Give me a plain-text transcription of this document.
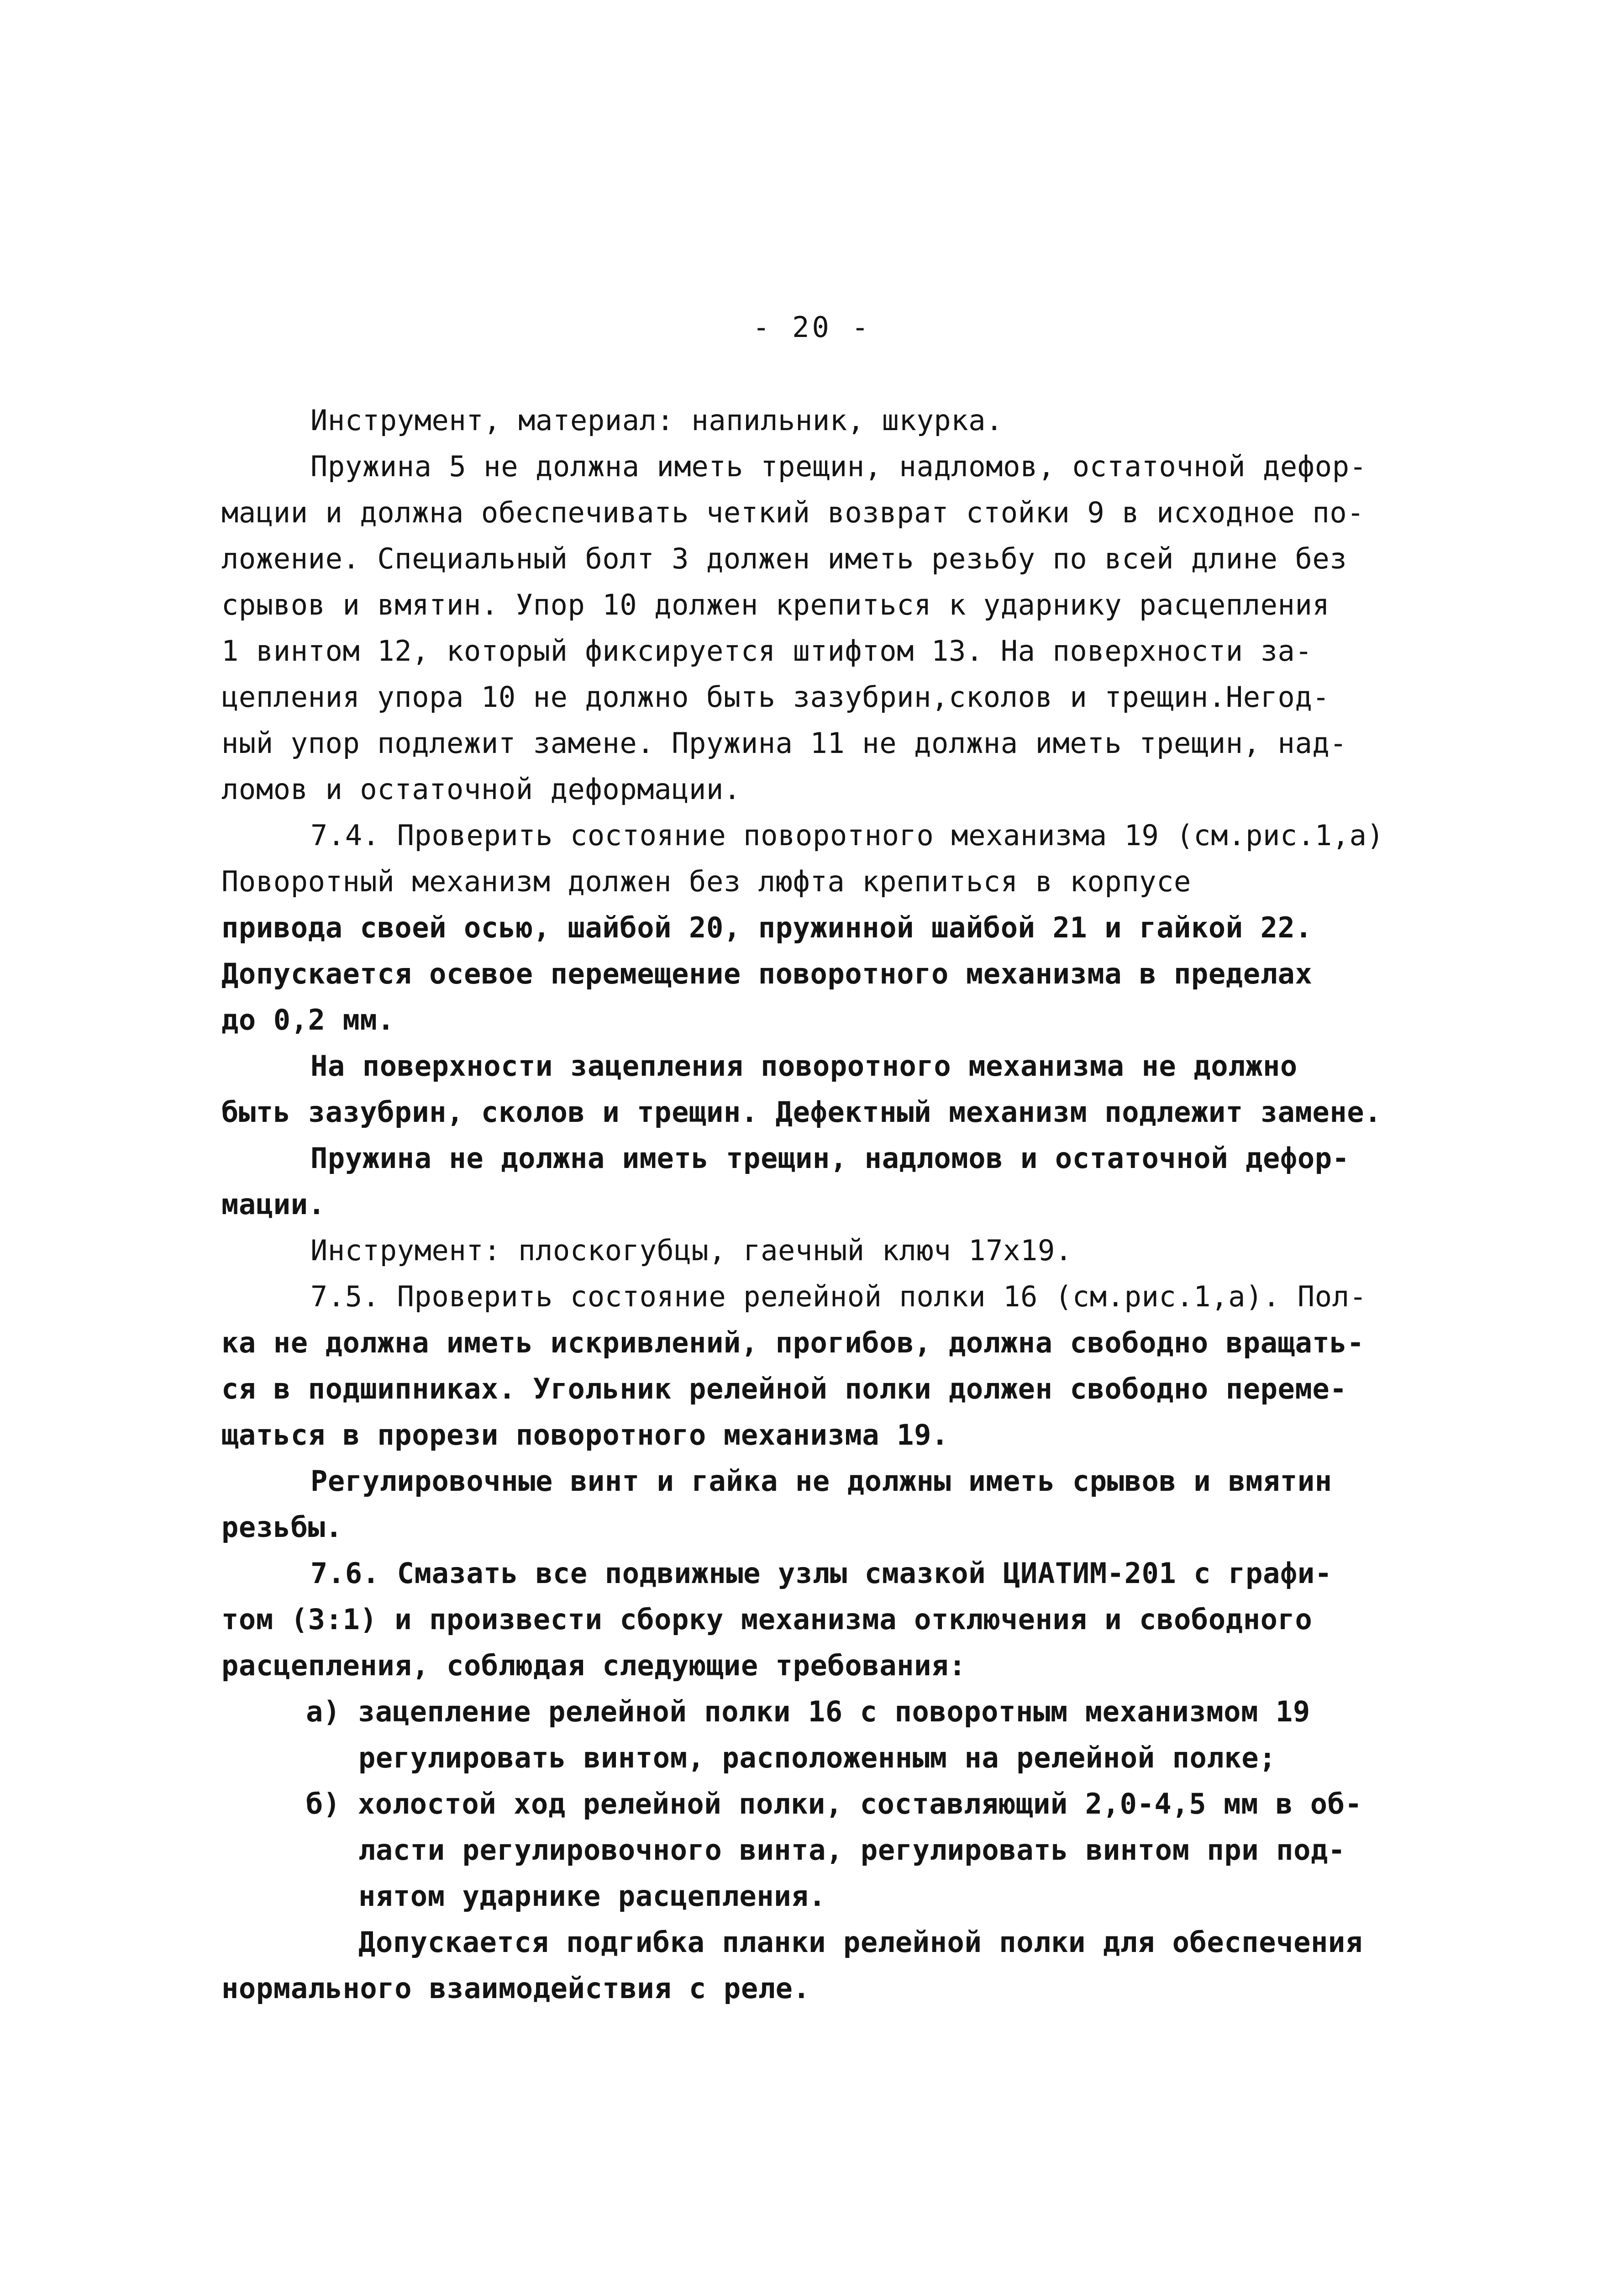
- 20 -
Инструмент, материал: напильник, шкурка.
Пружина 5 не должна иметь трещин, надломов, остаточной дефор-
мации и должна обеспечивать четкий возврат стойки 9 в исходное по-
ложение. Специальный болт 3 должен иметь резьбу по всей длине без
срывов и вмятин. Упор 10 должен крепиться к ударнику расцепления
1 винтом 12, который фиксируется штифтом 13. На поверхности за-
цепления упора 10 не должно быть зазубрин,сколов и трещин.Негод-
ный упор подлежит замене. Пружина 11 не должна иметь трещин, над-
ломов и остаточной деформации.
7.4. Проверить состояние поворотного механизма 19 (см.рис.1,а)
Поворотный механизм должен без люфта крепиться в корпусе
привода своей осью, шайбой 20, пружинной шайбой 21 и гайкой 22.
Допускается осевое перемещение поворотного механизма в пределах
до 0,2 мм.
На поверхности зацепления поворотного механизма не должно
быть зазубрин, сколов и трещин. Дефектный механизм подлежит замене.
Пружина не должна иметь трещин, надломов и остаточной дефор-
мации.
Инструмент: плоскогубцы, гаечный ключ 17х19.
7.5. Проверить состояние релейной полки 16 (см.рис.1,а). Пол-
ка не должна иметь искривлений, прогибов, должна свободно вращать-
ся в подшипниках. Угольник релейной полки должен свободно переме-
щаться в прорези поворотного механизма 19.
Регулировочные винт и гайка не должны иметь срывов и вмятин
резьбы.
7.6. Смазать все подвижные узлы смазкой ЦИАТИМ-201 с графи-
том (3:1) и произвести сборку механизма отключения и свободного
расцепления, соблюдая следующие требования:
а) зацепление релейной полки 16 с поворотным механизмом 19
регулировать винтом, расположенным на релейной полке;
б) холостой ход релейной полки, составляющий 2,0-4,5 мм в об-
ласти регулировочного винта, регулировать винтом при под-
нятом ударнике расцепления.
Допускается подгибка планки релейной полки для обеспечения
нормального взаимодействия с реле.
